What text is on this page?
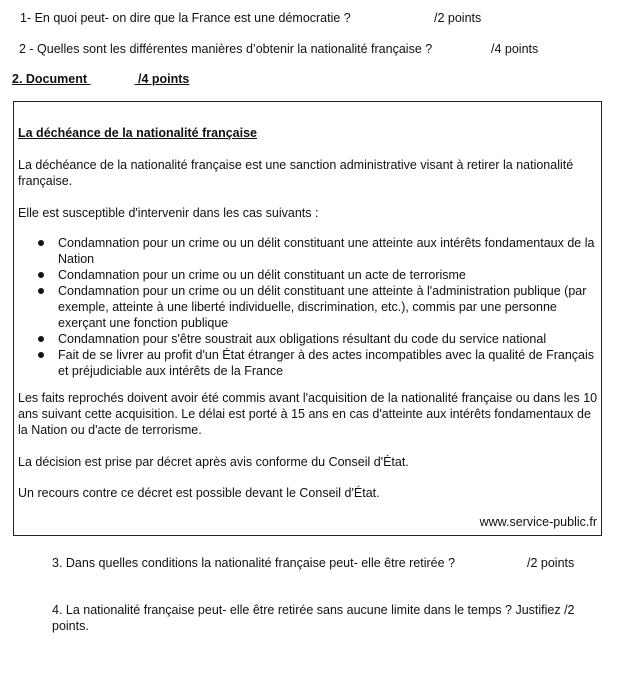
1- En quoi peut- on dire que la France est une démocratie ?	/2 points
2 - Quelles sont les différentes manières d’obtenir la nationalité française ?	/4 points
2. Document	/4 points
La déchéance de la nationalité française
La déchéance de la nationalité française est une sanction administrative visant à retirer la nationalité française.
Elle est susceptible d'intervenir dans les cas suivants :
Condamnation pour un crime ou un délit constituant une atteinte aux intérêts fondamentaux de la Nation
Condamnation pour un crime ou un délit constituant un acte de terrorisme
Condamnation pour un crime ou un délit constituant une atteinte à l'administration publique (par exemple, atteinte à une liberté individuelle, discrimination, etc.), commis par une personne exerçant une fonction publique
Condamnation pour s'être soustrait aux obligations résultant du code du service national
Fait de se livrer au profit d'un État étranger à des actes incompatibles avec la qualité de Français et préjudiciable aux intérêts de la France
Les faits reprochés doivent avoir été commis avant l'acquisition de la nationalité française ou dans les 10 ans suivant cette acquisition. Le délai est porté à 15 ans en cas d'atteinte aux intérêts fondamentaux de la Nation ou d'acte de terrorisme.
La décision est prise par décret après avis conforme du Conseil d'État.
Un recours contre ce décret est possible devant le Conseil d'État.
www.service-public.fr
3. Dans quelles conditions la nationalité française peut- elle être retirée ?	/2 points
4. La nationalité française peut- elle être retirée sans aucune limite dans le temps ? Justifiez /2 points.
